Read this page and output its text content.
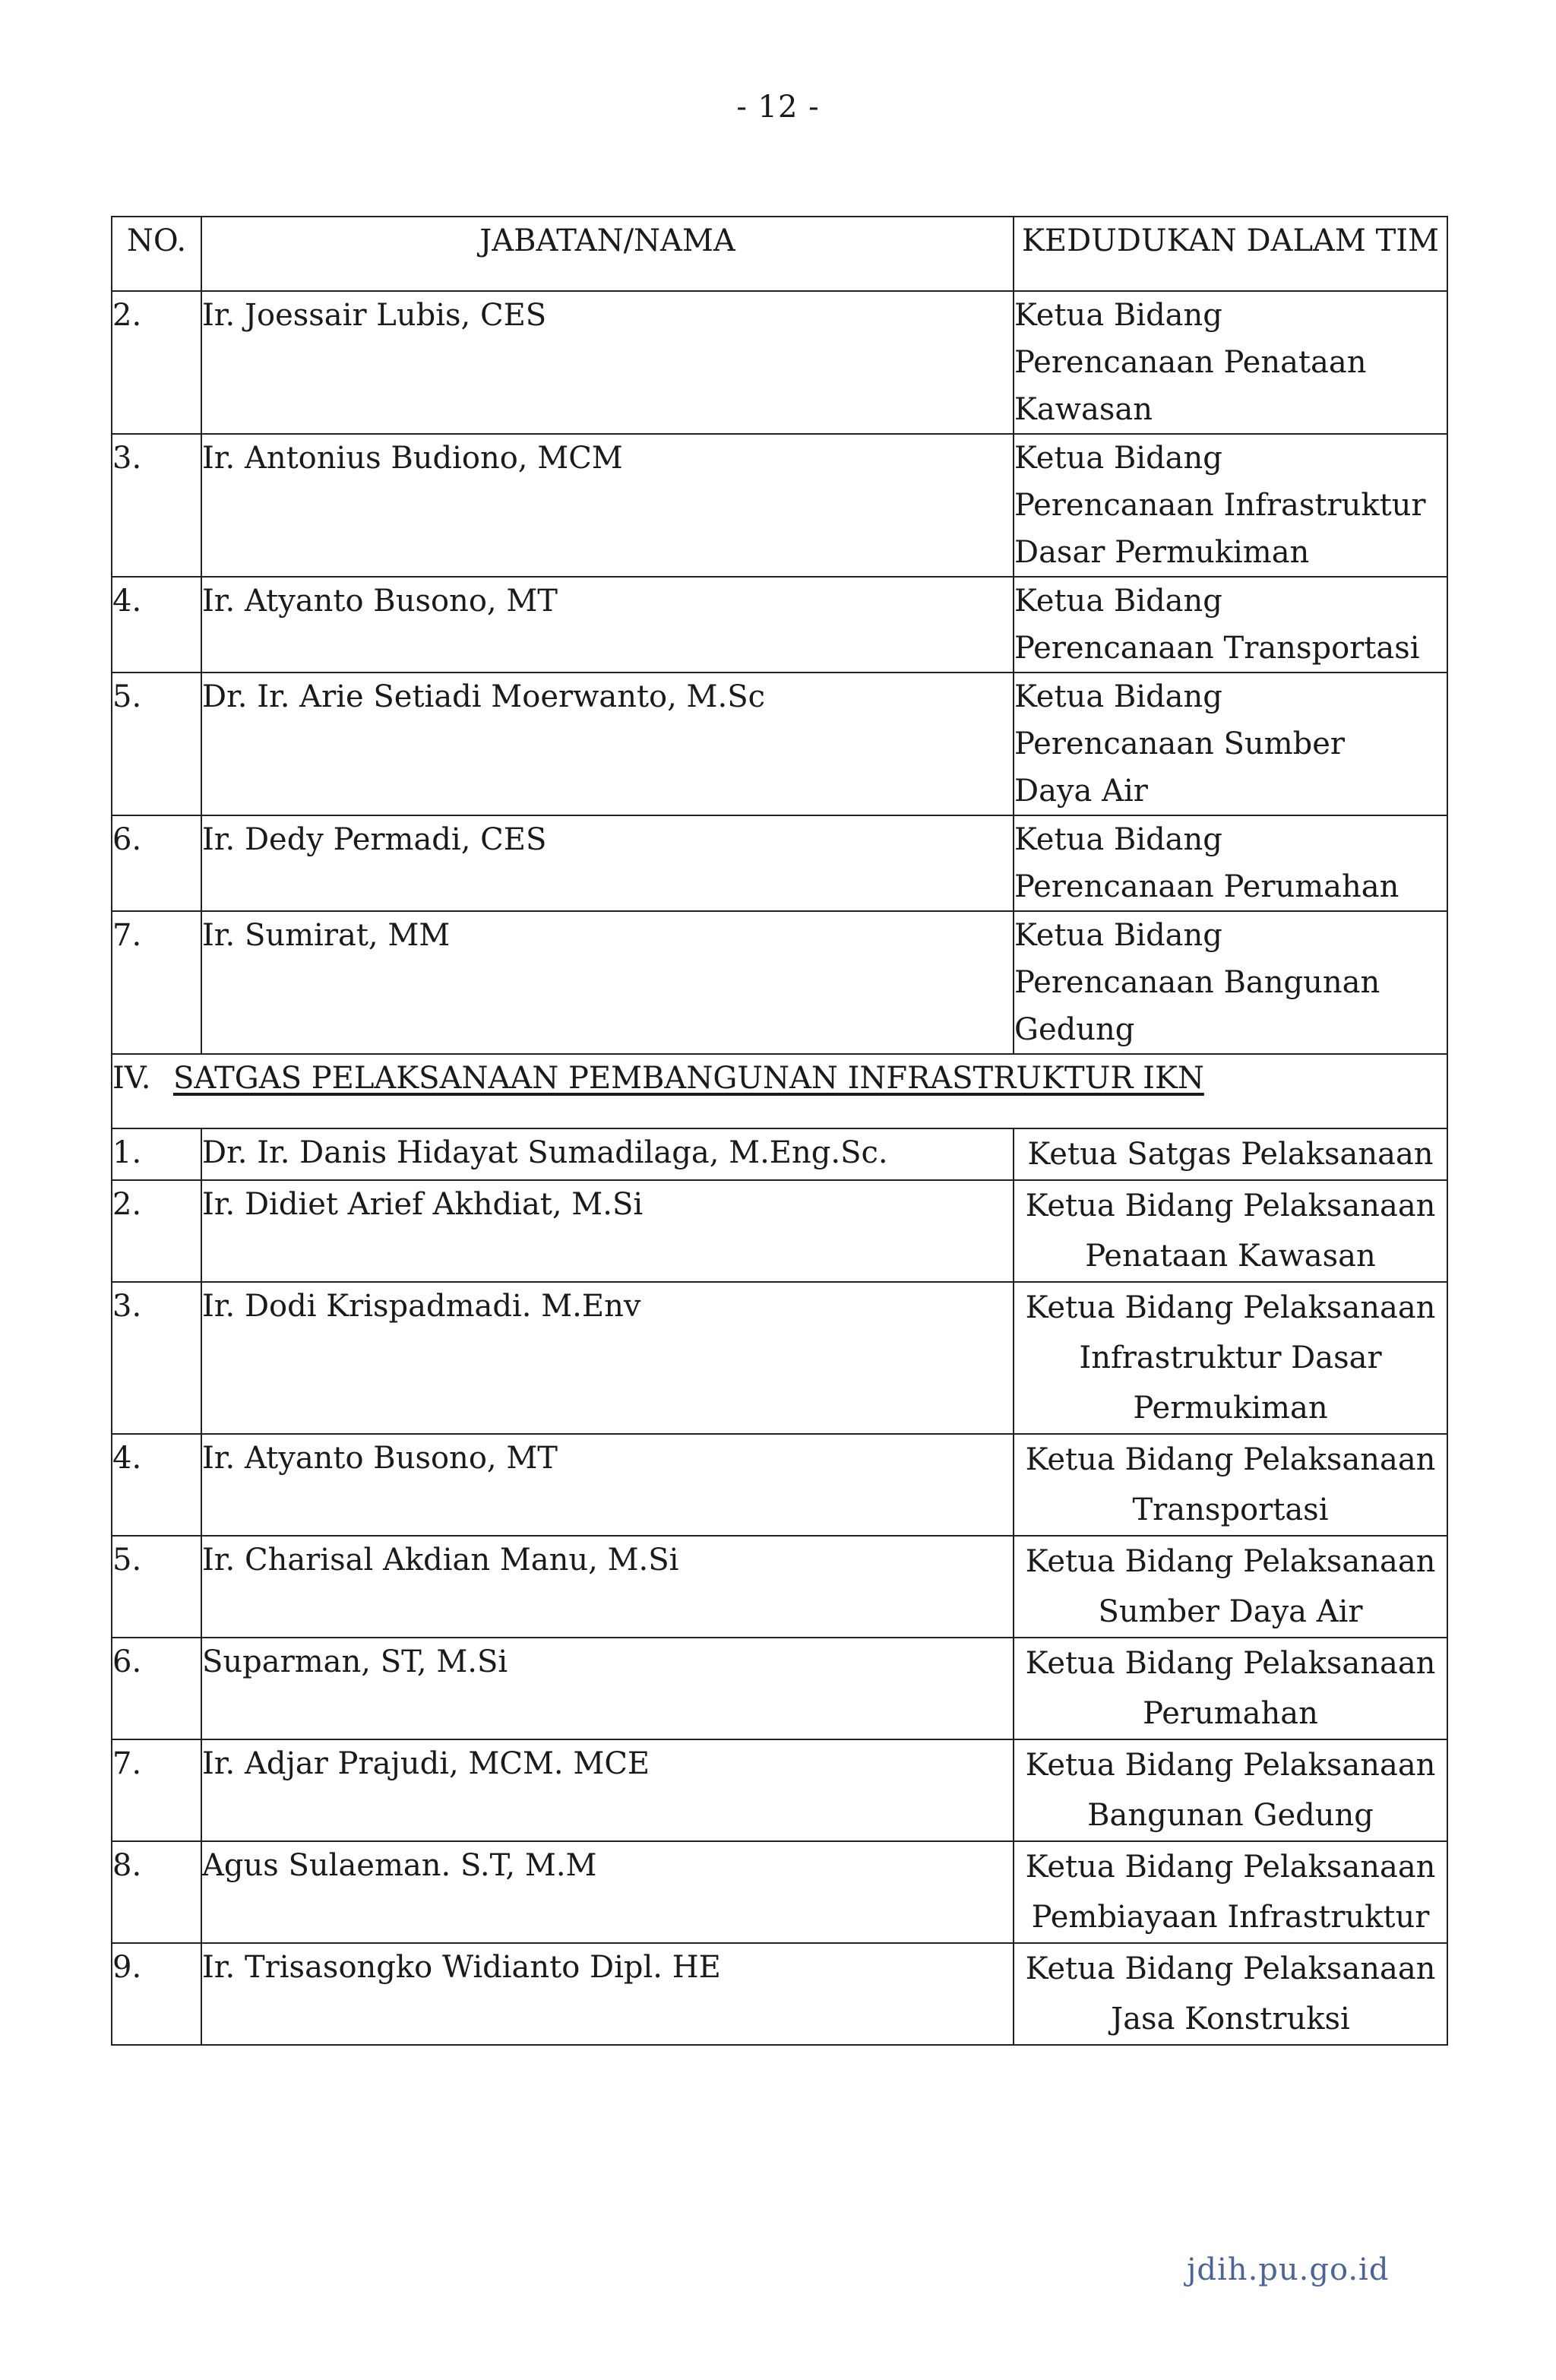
- 12 -
NO.	JABATAN/NAMA	KEDUDUKAN DALAM TIM
2.	Ir. Joessair Lubis, CES	Ketua Bidang
Perencanaan Penataan
Kawasan

3.	Ir. Antonius Budiono, MCM	Ketua Bidang
Perencanaan Infrastruktur
Dasar Permukiman

4.	Ir. Atyanto Busono, MT	Ketua Bidang
Perencanaan Transportasi

5.	Dr. Ir. Arie Setiadi Moerwanto, M.Sc	Ketua Bidang
Perencanaan Sumber
Daya Air

6.	Ir. Dedy Permadi, CES	Ketua Bidang
Perencanaan Perumahan

7.	Ir. Sumirat, MM	Ketua Bidang
Perencanaan Bangunan
Gedung

IV. SATGAS PELAKSANAAN PEMBANGUNAN INFRASTRUKTUR IKN		
1.	Dr. Ir. Danis Hidayat Sumadilaga, M.Eng.Sc.	Ketua Satgas Pelaksanaan

2.	Ir. Didiet Arief Akhdiat, M.Si	Ketua Bidang Pelaksanaan
Penataan Kawasan

3.	Ir. Dodi Krispadmadi. M.Env	Ketua Bidang Pelaksanaan
Infrastruktur Dasar
Permukiman

4.	Ir. Atyanto Busono, MT	Ketua Bidang Pelaksanaan
Transportasi

5.	Ir. Charisal Akdian Manu, M.Si	Ketua Bidang Pelaksanaan
Sumber Daya Air

6.	Suparman, ST, M.Si	Ketua Bidang Pelaksanaan
Perumahan

7.	Ir. Adjar Prajudi, MCM. MCE	Ketua Bidang Pelaksanaan
Bangunan Gedung

8.	Agus Sulaeman. S.T, M.M	Ketua Bidang Pelaksanaan
Pembiayaan Infrastruktur

9.	Ir. Trisasongko Widianto Dipl. HE	Ketua Bidang Pelaksanaan
Jasa Konstruksi
jdih.pu.go.id
